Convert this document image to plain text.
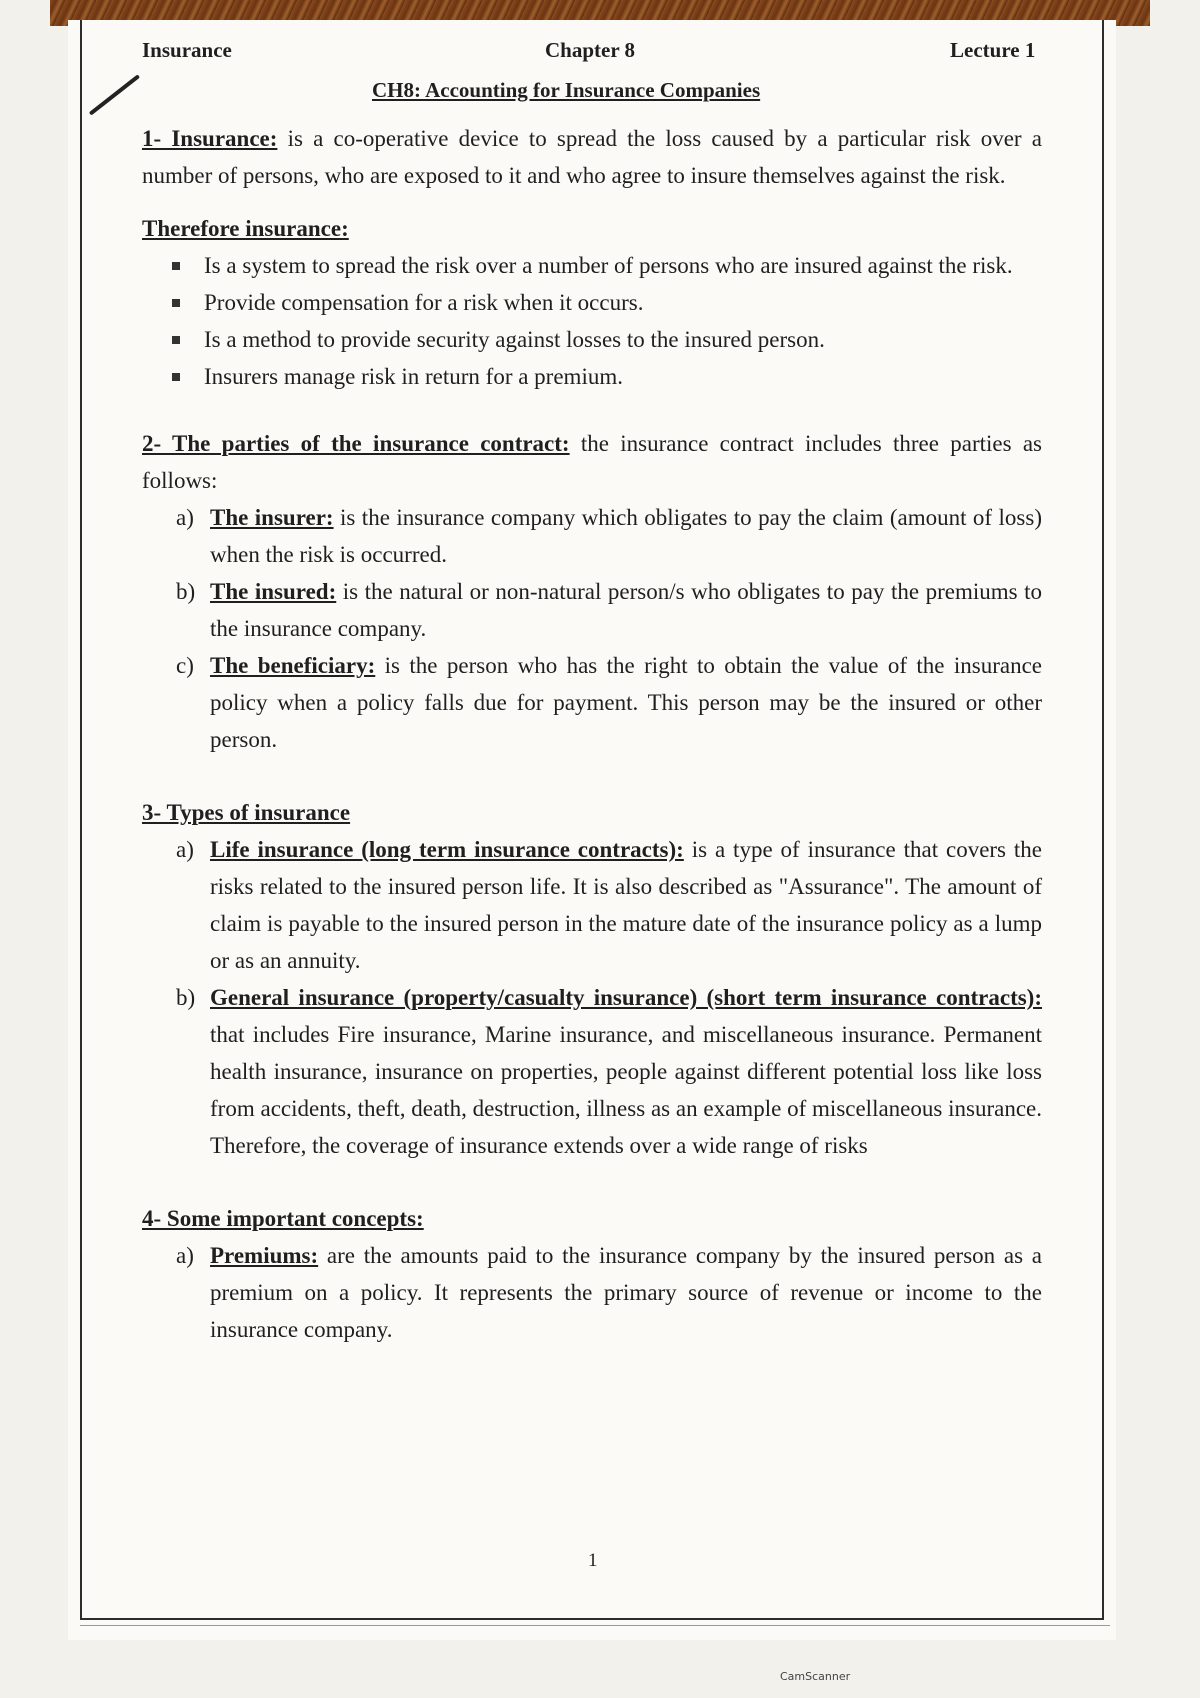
Insurance	Chapter 8	Lecture 1
CH8: Accounting for Insurance Companies

1- Insurance: is a co-operative device to spread the loss caused by a particular risk over a number of persons, who are exposed to it and who agree to insure themselves against the risk.

Therefore insurance:

Is a system to spread the risk over a number of persons who are insured against the risk.
Provide compensation for a risk when it occurs.
Is a method to provide security against losses to the insured person.
Insurers manage risk in return for a premium.

2- The parties of the insurance contract: the insurance contract includes three parties as follows:

a) The insurer: is the insurance company which obligates to pay the claim (amount of loss) when the risk is occurred.
b) The insured: is the natural or non-natural person/s who obligates to pay the premiums to the insurance company.
c) The beneficiary: is the person who has the right to obtain the value of the insurance policy when a policy falls due for payment. This person may be the insured or other person.

3- Types of insurance

a) Life insurance (long term insurance contracts): is a type of insurance that covers the risks related to the insured person life. It is also described as "Assurance". The amount of claim is payable to the insured person in the mature date of the insurance policy as a lump or as an annuity.
b) General insurance (property/casualty insurance) (short term insurance contracts): that includes Fire insurance, Marine insurance, and miscellaneous insurance. Permanent health insurance, insurance on properties, people against different potential loss like loss from accidents, theft, death, destruction, illness as an example of miscellaneous insurance. Therefore, the coverage of insurance extends over a wide range of risks

4- Some important concepts:

a) Premiums: are the amounts paid to the insurance company by the insured person as a premium on a policy. It represents the primary source of revenue or income to the insurance company.
1
CamScanner
